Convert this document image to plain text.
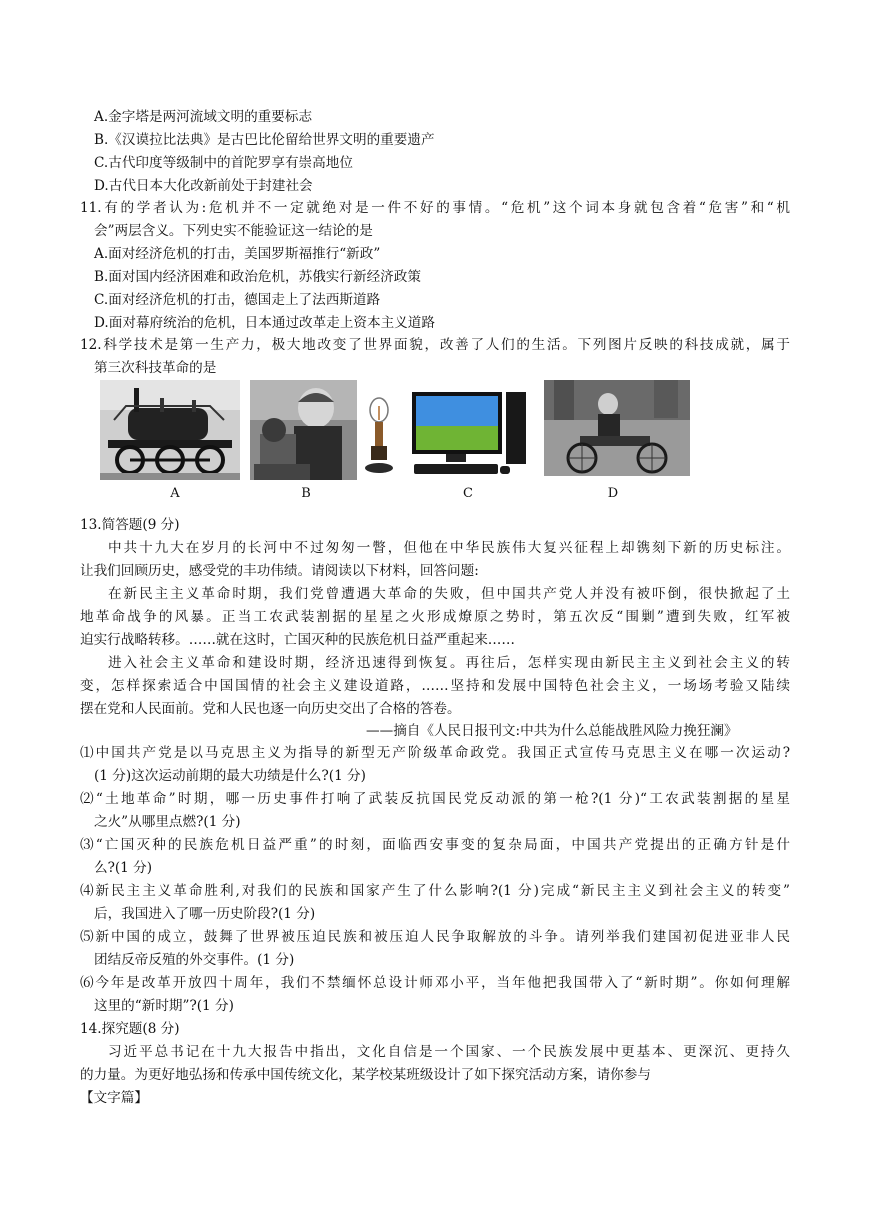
A.金字塔是两河流域文明的重要标志
B.《汉谟拉比法典》是古巴比伦留给世界文明的重要遗产
C.古代印度等级制中的首陀罗享有崇高地位
D.古代日本大化改新前处于封建社会
11.有的学者认为:危机并不一定就绝对是一件不好的事情。“危机”这个词本身就包含着“危害”和“机
会”两层含义。下列史实不能验证这一结论的是
A.面对经济危机的打击，美国罗斯福推行“新政”
B.面对国内经济困难和政治危机，苏俄实行新经济政策
C.面对经济危机的打击，德国走上了法西斯道路
D.面对幕府统治的危机，日本通过改革走上资本主义道路
12.科学技术是第一生产力，极大地改变了世界面貌，改善了人们的生活。下列图片反映的科技成就，属于
第三次科技革命的是
A	B	C	D
13.简答题(9 分)
中共十九大在岁月的长河中不过匆匆一瞥，但他在中华民族伟大复兴征程上却镌刻下新的历史标注。
让我们回顾历史，感受党的丰功伟绩。请阅读以下材料，回答问题:
在新民主主义革命时期，我们党曾遭遇大革命的失败，但中国共产党人并没有被吓倒，很快掀起了土
地革命战争的风暴。正当工农武装割据的星星之火形成燎原之势时，第五次反“围剿”遭到失败，红军被
迫实行战略转移。……就在这时，亡国灭种的民族危机日益严重起来……
进入社会主义革命和建设时期，经济迅速得到恢复。再往后，怎样实现由新民主主义到社会主义的转
变，怎样探索适合中国国情的社会主义建设道路，……坚持和发展中国特色社会主义，一场场考验又陆续
摆在党和人民面前。党和人民也逐一向历史交出了合格的答卷。
——摘自《人民日报刊文:中共为什么总能战胜风险力挽狂澜》
⑴中国共产党是以马克思主义为指导的新型无产阶级革命政党。我国正式宣传马克思主义在哪一次运动?
(1 分)这次运动前期的最大功绩是什么?(1 分)
⑵“土地革命”时期，哪一历史事件打响了武装反抗国民党反动派的第一枪?(1 分)“工农武装割据的星星
之火”从哪里点燃?(1 分)
⑶“亡国灭种的民族危机日益严重”的时刻，面临西安事变的复杂局面，中国共产党提出的正确方针是什
么?(1 分)
⑷新民主主义革命胜利,对我们的民族和国家产生了什么影响?(1 分)完成“新民主主义到社会主义的转变”
后，我国进入了哪一历史阶段?(1 分)
⑸新中国的成立，鼓舞了世界被压迫民族和被压迫人民争取解放的斗争。请列举我们建国初促进亚非人民
团结反帝反殖的外交事件。(1 分)
⑹今年是改革开放四十周年，我们不禁缅怀总设计师邓小平，当年他把我国带入了“新时期”。你如何理解
这里的“新时期”?(1 分)
14.探究题(8 分)
习近平总书记在十九大报告中指出，文化自信是一个国家、一个民族发展中更基本、更深沉、更持久
的力量。为更好地弘扬和传承中国传统文化，某学校某班级设计了如下探究活动方案，请你参与
【文字篇】
